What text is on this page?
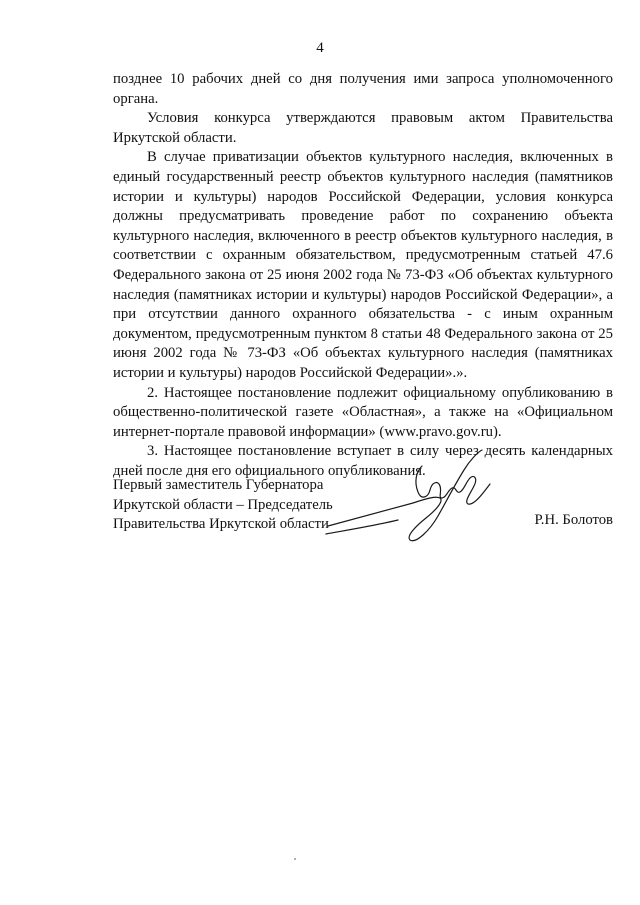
4

позднее 10 рабочих дней со дня получения ими запроса уполномоченного органа.

Условия конкурса утверждаются правовым актом Правительства Иркутской области.

В случае приватизации объектов культурного наследия, включенных в единый государственный реестр объектов культурного наследия (памятников истории и культуры) народов Российской Федерации, условия конкурса должны предусматривать проведение работ по сохранению объекта культурного наследия, включенного в реестр объектов культурного наследия, в соответствии с охранным обязательством, предусмотренным статьей 47.6 Федерального закона от 25 июня 2002 года № 73-ФЗ «Об объектах культурного наследия (памятниках истории и культуры) народов Российской Федерации», а при отсутствии данного охранного обязательства - с иным охранным документом, предусмотренным пунктом 8 статьи 48 Федерального закона от 25 июня 2002 года № 73-ФЗ «Об объектах культурного наследия (памятниках истории и культуры) народов Российской Федерации».».

2. Настоящее постановление подлежит официальному опубликованию в общественно-политической газете «Областная», а также на «Официальном интернет-портале правовой информации» (www.pravo.gov.ru).

3. Настоящее постановление вступает в силу через десять календарных дней после дня его официального опубликования.

Первый заместитель Губернатора
Иркутской области – Председатель
Правительства Иркутской области	Р.Н. Болотов
